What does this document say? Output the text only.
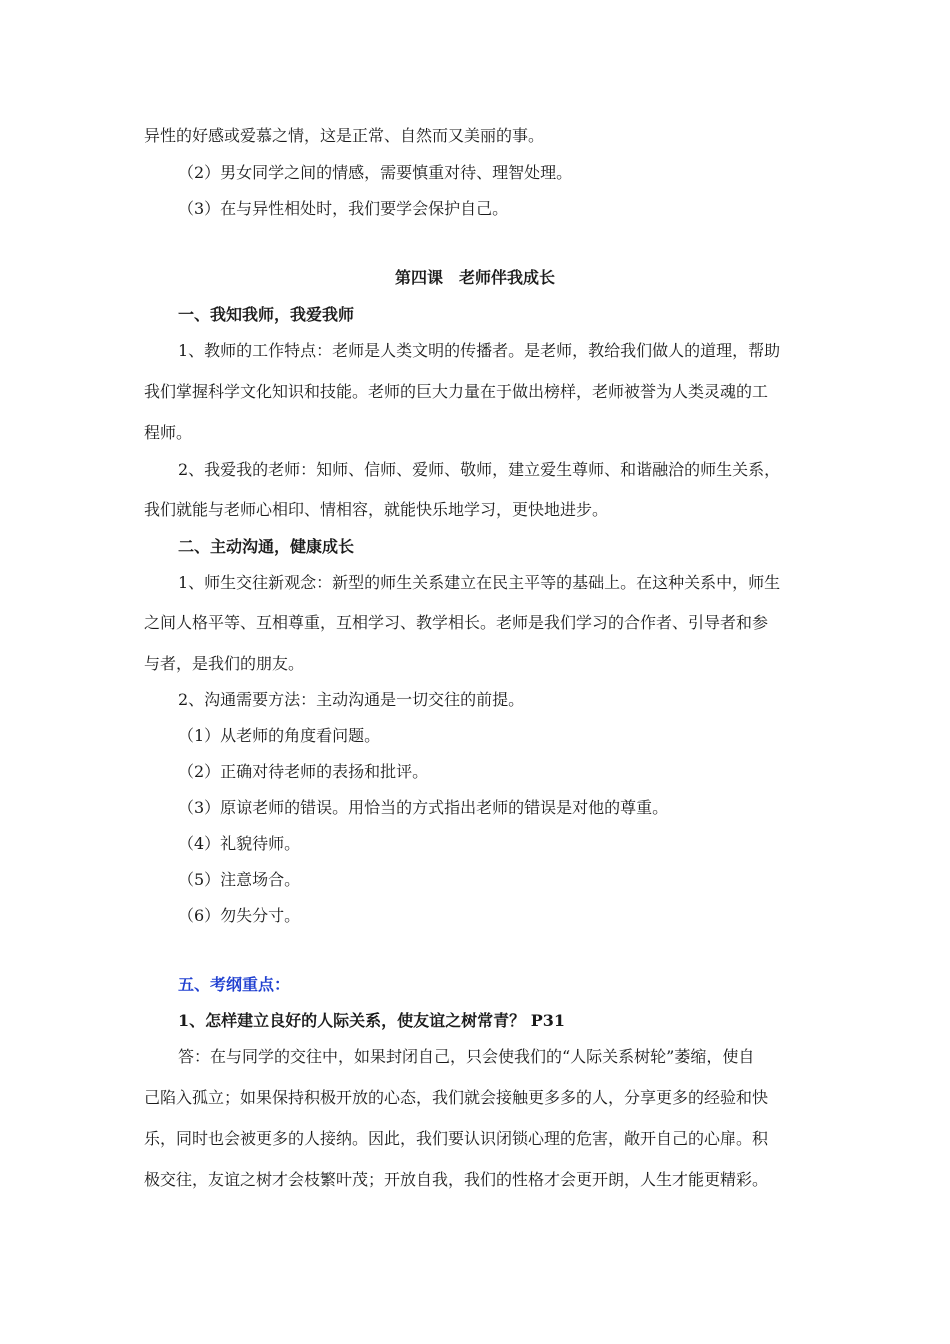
异性的好感或爱慕之情，这是正常、自然而又美丽的事。
（2）男女同学之间的情感，需要慎重对待、理智处理。
（3）在与异性相处时，我们要学会保护自己。
第四课　老师伴我成长
一、我知我师，我爱我师
1、教师的工作特点：老师是人类文明的传播者。是老师，教给我们做人的道理，帮助
我们掌握科学文化知识和技能。老师的巨大力量在于做出榜样，老师被誉为人类灵魂的工
程师。
2、我爱我的老师：知师、信师、爱师、敬师，建立爱生尊师、和谐融洽的师生关系，
我们就能与老师心相印、情相容，就能快乐地学习，更快地进步。
二、主动沟通，健康成长
1、师生交往新观念：新型的师生关系建立在民主平等的基础上。在这种关系中，师生
之间人格平等、互相尊重，互相学习、教学相长。老师是我们学习的合作者、引导者和参
与者，是我们的朋友。
2、沟通需要方法：主动沟通是一切交往的前提。
（1）从老师的角度看问题。
（2）正确对待老师的表扬和批评。
（3）原谅老师的错误。用恰当的方式指出老师的错误是对他的尊重。
（4）礼貌待师。
（5）注意场合。
（6）勿失分寸。
五、考纲重点：
1、怎样建立良好的人际关系，使友谊之树常青？ P31
答：在与同学的交往中，如果封闭自己，只会使我们的“人际关系树轮”萎缩，使自
己陷入孤立；如果保持积极开放的心态，我们就会接触更多多的人，分享更多的经验和快
乐，同时也会被更多的人接纳。因此，我们要认识闭锁心理的危害，敞开自己的心扉。积
极交往，友谊之树才会枝繁叶茂；开放自我，我们的性格才会更开朗，人生才能更精彩。
